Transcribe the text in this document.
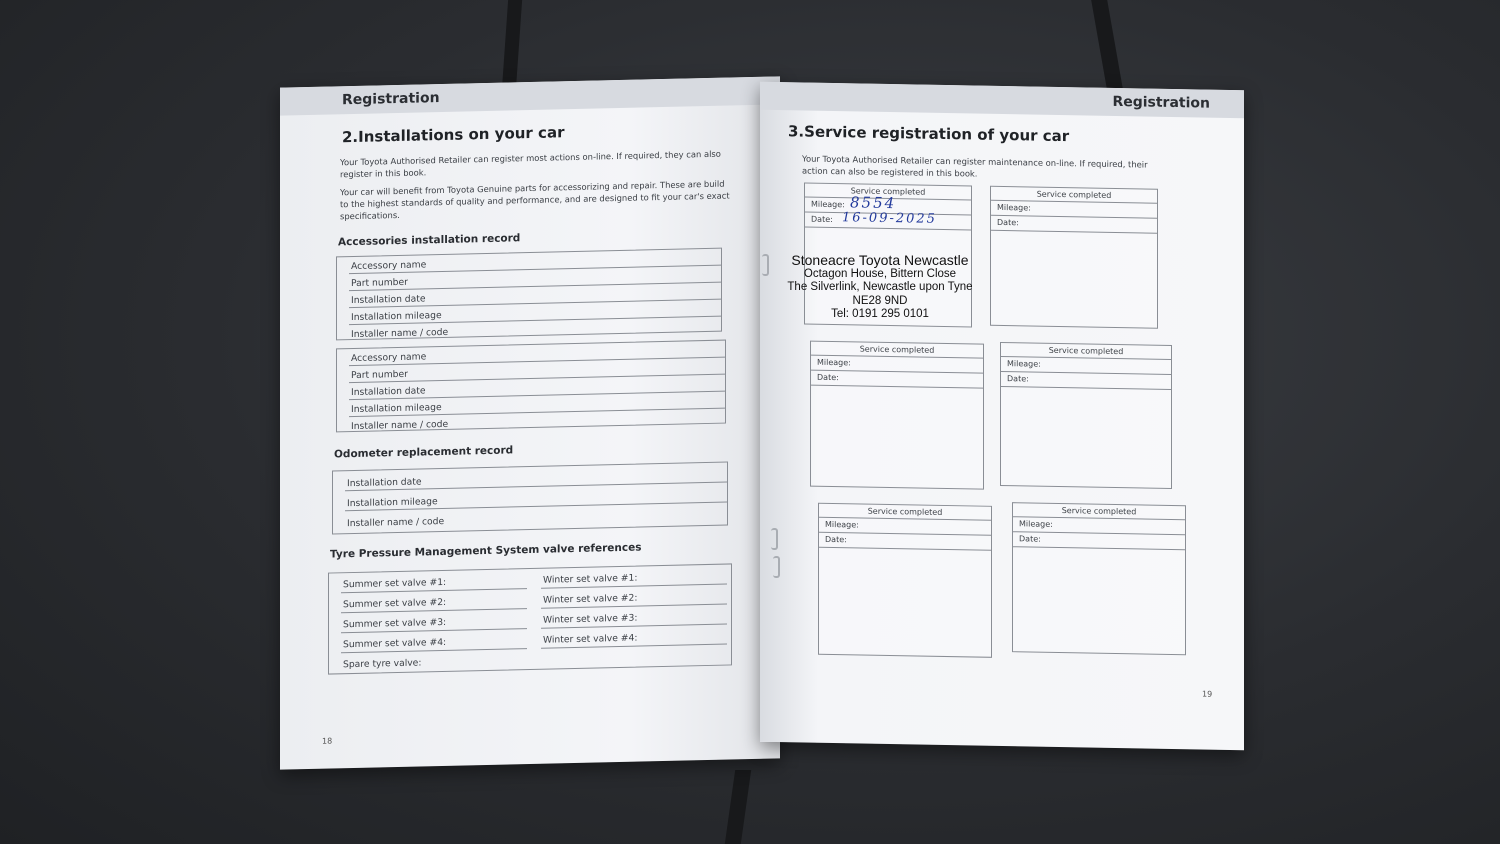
Registration
2.Installations on your car
Your Toyota Authorised Retailer can register most actions on-line. If required, they can also register in this book.
Your car will benefit from Toyota Genuine parts for accessorizing and repair. These are build to the highest standards of quality and performance, and are designed to fit your car's exact specifications.
Accessories installation record
Accessory name
Part number
Installation date
Installation mileage
Installer name / code
Accessory name
Part number
Installation date
Installation mileage
Installer name / code
Odometer replacement record
Installation date
Installation mileage
Installer name / code
Tyre Pressure Management System valve references
Summer set valve #1:
Summer set valve #2:
Summer set valve #3:
Summer set valve #4:
Spare tyre valve:
Winter set valve #1:
Winter set valve #2:
Winter set valve #3:
Winter set valve #4:
18
Registration
3.Service registration of your car
Your Toyota Authorised Retailer can register maintenance on-line. If required, their action can also be registered in this book.
Service completed
Mileage:
Date:
8554
16-09-2025
Service completed
Mileage:
Date:
Service completed
Mileage:
Date:
Service completed
Mileage:
Date:
Service completed
Mileage:
Date:
Service completed
Mileage:
Date:
19
Stoneacre Toyota Newcastle
Octagon House, Bittern Close
The Silverlink, Newcastle upon Tyne
NE28 9ND
Tel: 0191 295 0101
